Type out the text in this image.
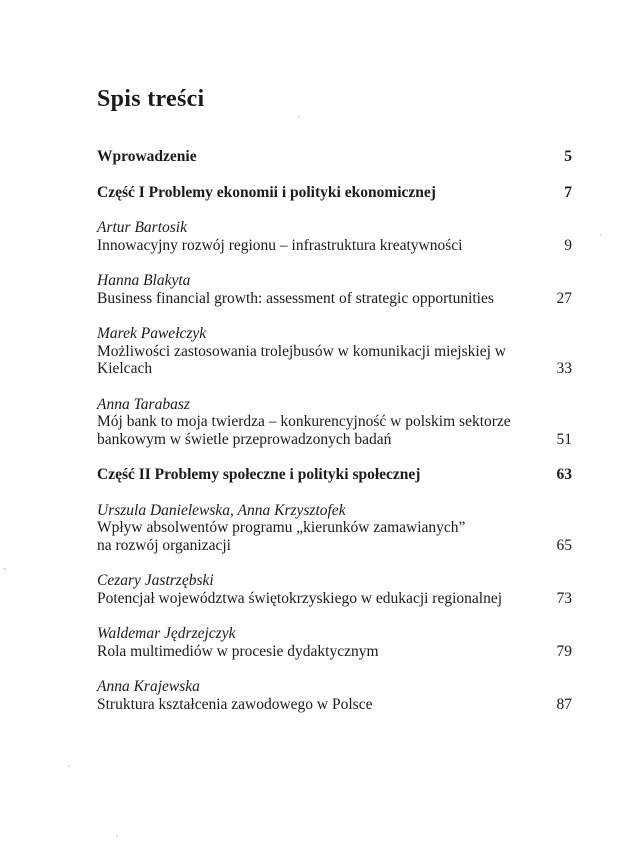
Spis treści
Wprowadzenie	5
Część I Problemy ekonomii i polityki ekonomicznej	7
Artur Bartosik
Innowacyjny rozwój regionu – infrastruktura kreatywności	9
Hanna Blakyta
Business financial growth: assessment of strategic opportunities	27
Marek Pawełczyk
Możliwości zastosowania trolejbusów w komunikacji miejskiej w Kielcach	33
Anna Tarabasz
Mój bank to moja twierdza – konkurencyjność w polskim sektorze
bankowym w świetle przeprowadzonych badań	51
Część II Problemy społeczne i polityki społecznej	63
Urszula Danielewska, Anna Krzysztofek
Wpływ absolwentów programu „kierunków zamawianych”
na rozwój organizacji	65
Cezary Jastrzębski
Potencjał województwa świętokrzyskiego w edukacji regionalnej	73
Waldemar Jędrzejczyk
Rola multimediów w procesie dydaktycznym	79
Anna Krajewska
Struktura kształcenia zawodowego w Polsce	87
